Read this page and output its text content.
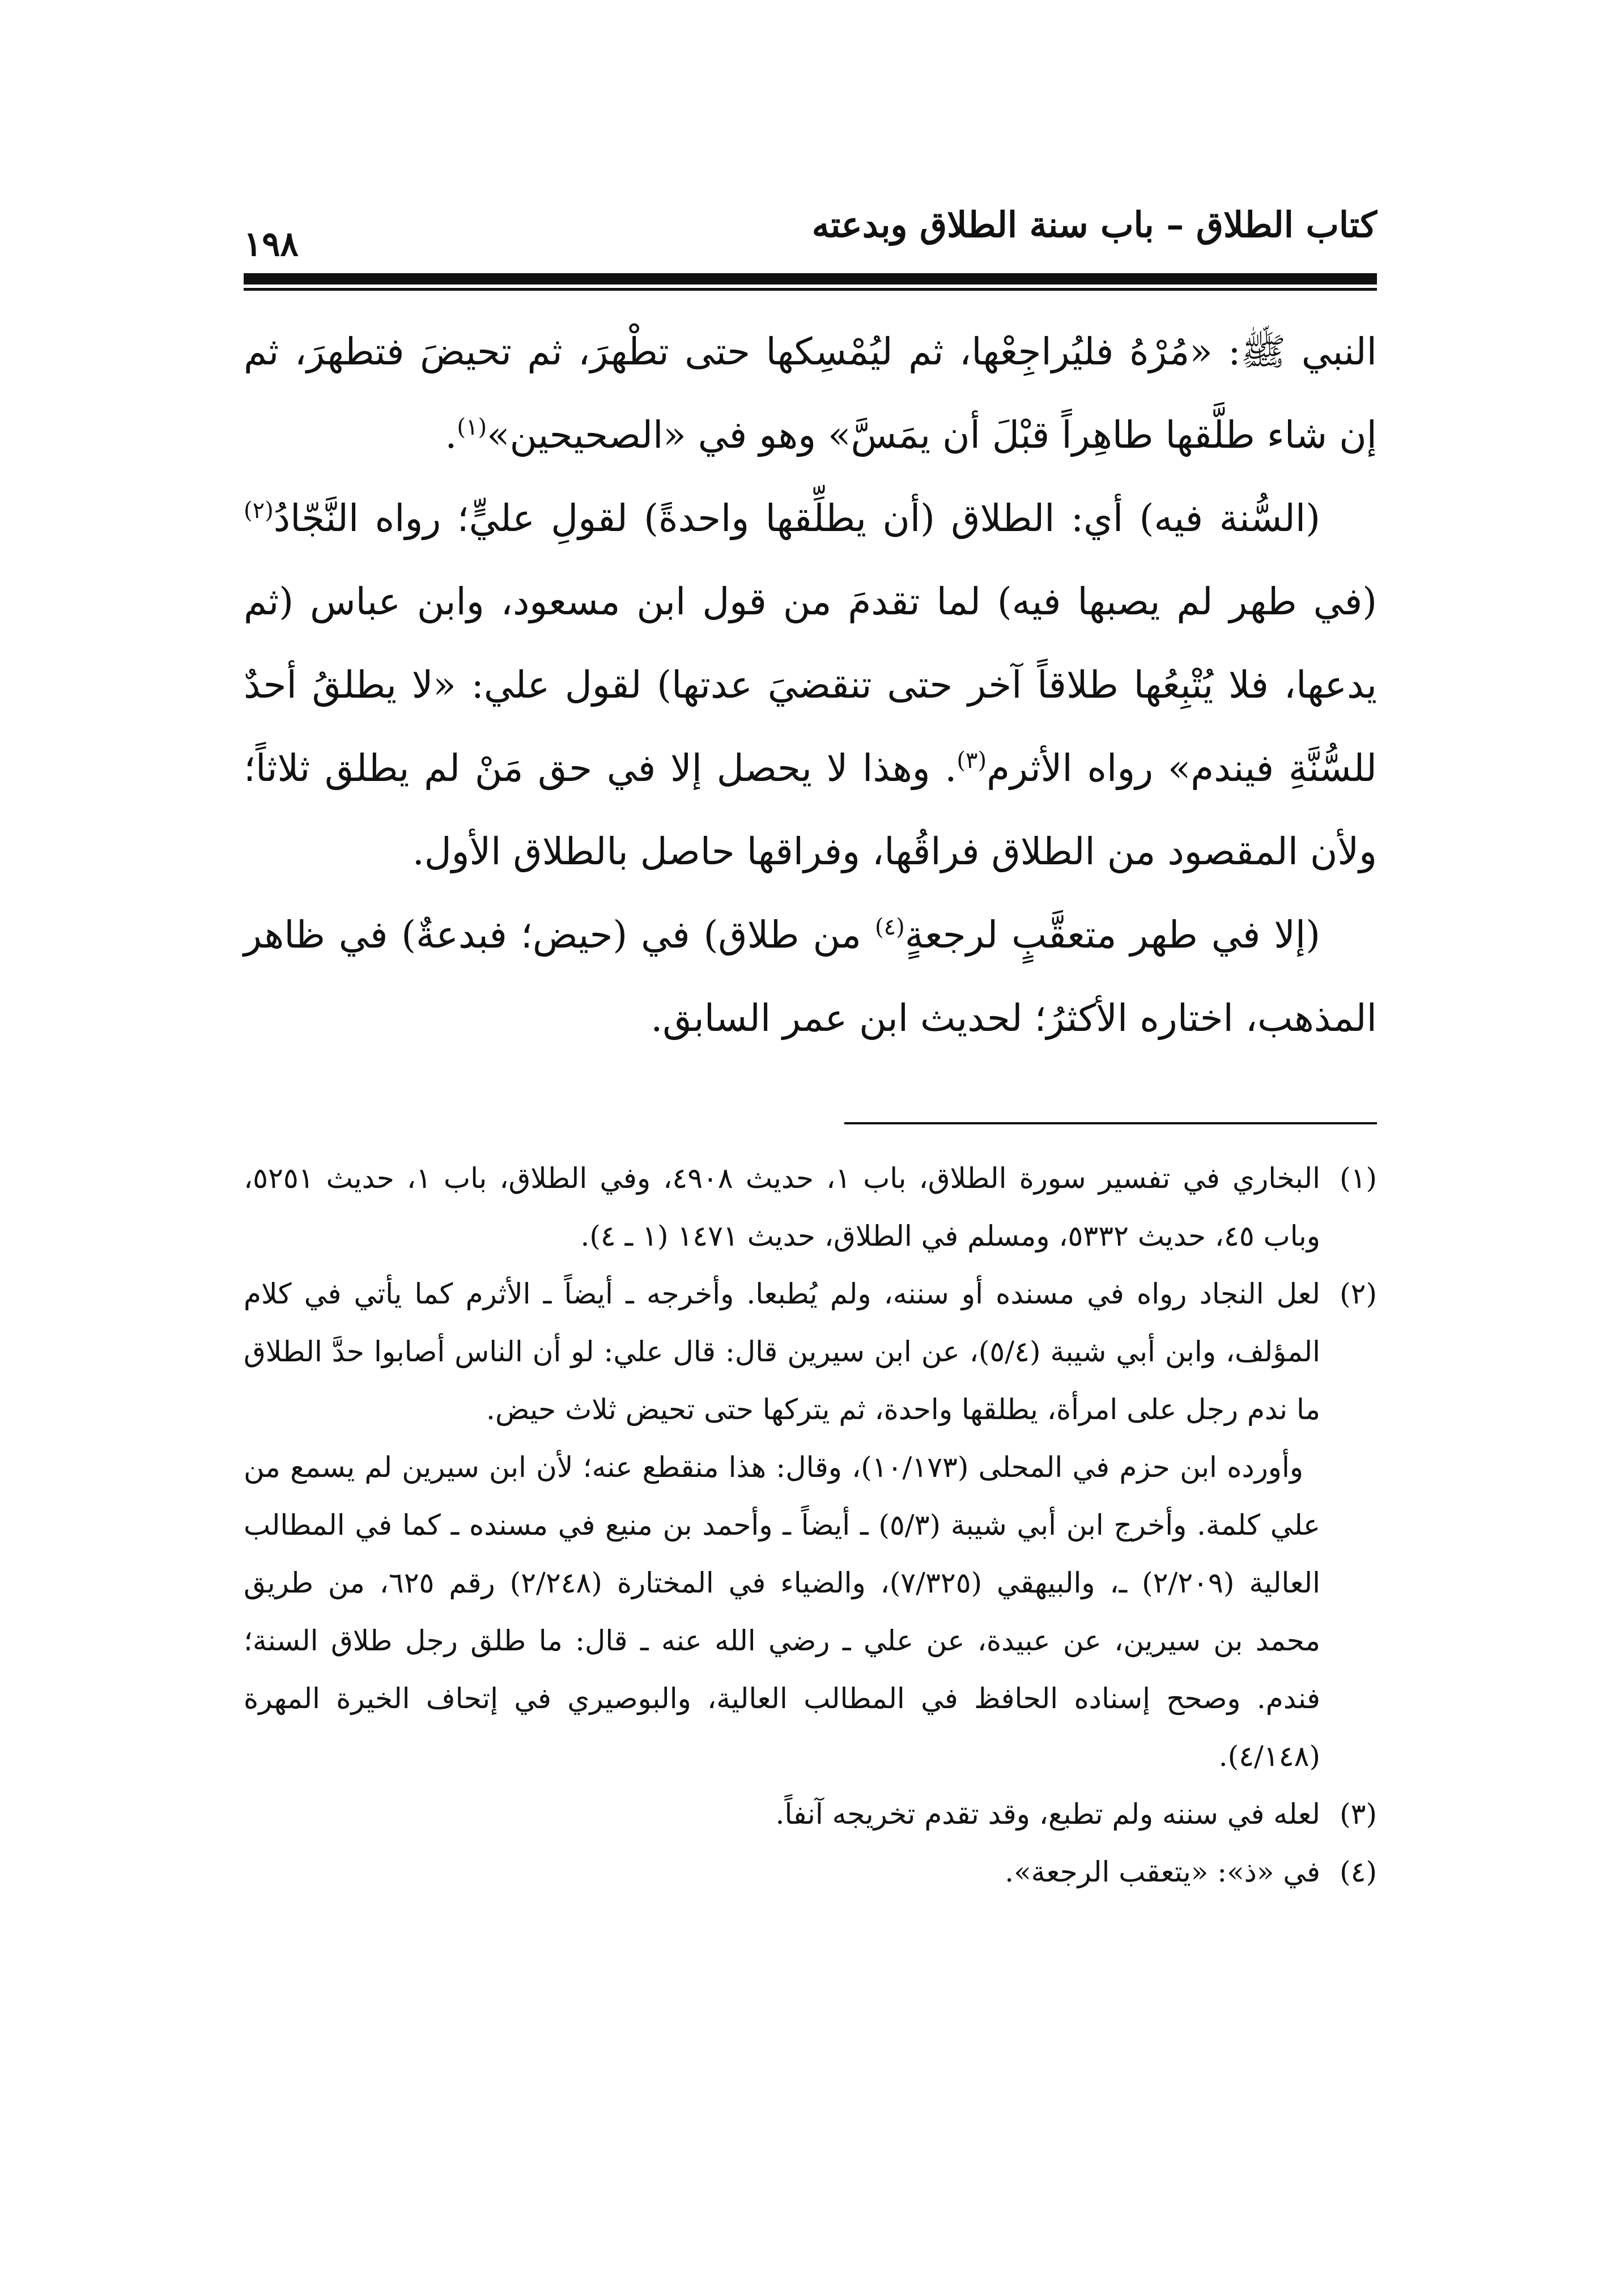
كتاب الطلاق – باب سنة الطلاق وبدعته
١٩٨

النبي ﷺ: «مُرْهُ فليُراجِعْها، ثم ليُمْسِكها حتى تطْهرَ، ثم تحيضَ فتطهرَ، ثم إن شاء طلَّقها طاهِراً قبْلَ أن يمَسَّ» وهو في «الصحيحين»$^{(١)}$.

(السُّنة فيه) أي: الطلاق (أن يطلِّقها واحدةً) لقولِ عليٍّ؛ رواه النَّجّادُ$^{(٢)}$ (في طهر لم يصبها فيه) لما تقدمَ من قول ابن مسعود، وابن عباس (ثم يدعها، فلا يُتْبِعُها طلاقاً آخر حتى تنقضيَ عدتها) لقول علي: «لا يطلقُ أحدٌ للسُّنَّةِ فيندم» رواه الأثرم$^{(٣)}$. وهذا لا يحصل إلا في حق مَنْ لم يطلق ثلاثاً؛ ولأن المقصود من الطلاق فراقُها، وفراقها حاصل بالطلاق الأول.

(إلا في طهر متعقَّبٍ لرجعةٍ$^{(٤)}$ من طلاق) في (حيض؛ فبدعةٌ) في ظاهر المذهب، اختاره الأكثرُ؛ لحديث ابن عمر السابق.

(١)
البخاري في تفسير سورة الطلاق، باب ١، حديث ٤٩٠٨، وفي الطلاق، باب ١، حديث ٥٢٥١، وباب ٤٥، حديث ٥٣٣٢، ومسلم في الطلاق، حديث ١٤٧١ (١ ـ ٤).
(٢)
لعل النجاد رواه في مسنده أو سننه، ولم يُطبعا. وأخرجه ـ أيضاً ـ الأثرم كما يأتي في كلام المؤلف، وابن أبي شيبة (٥/٤)، عن ابن سيرين قال: قال علي: لو أن الناس أصابوا حدَّ الطلاق ما ندم رجل على امرأة، يطلقها واحدة، ثم يتركها حتى تحيض ثلاث حيض.
وأورده ابن حزم في المحلى (١٠/١٧٣)، وقال: هذا منقطع عنه؛ لأن ابن سيرين لم يسمع من علي كلمة. وأخرج ابن أبي شيبة (٥/٣) ـ أيضاً ـ وأحمد بن منيع في مسنده ـ كما في المطالب العالية (٢/٢٠٩) ـ، والبيهقي (٧/٣٢٥)، والضياء في المختارة (٢/٢٤٨) رقم ٦٢٥، من طريق محمد بن سيرين، عن عبيدة، عن علي ـ رضي الله عنه ـ قال: ما طلق رجل طلاق السنة؛ فندم. وصحح إسناده الحافظ في المطالب العالية، والبوصيري في إتحاف الخيرة المهرة (٤/١٤٨).
(٣)
لعله في سننه ولم تطبع، وقد تقدم تخريجه آنفاً.
(٤)
في «ذ»: «يتعقب الرجعة».
